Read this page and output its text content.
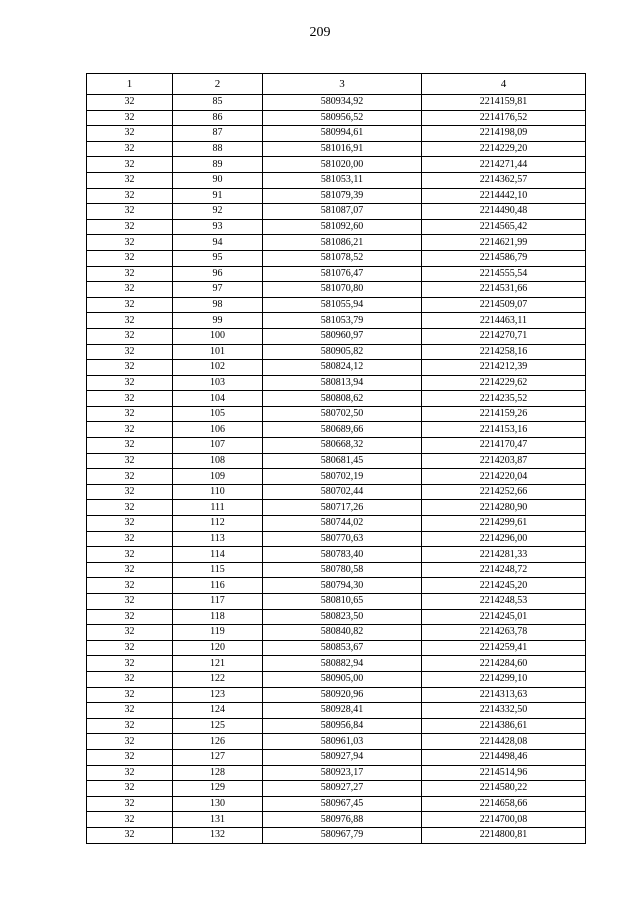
209
1	2	3	4
32	85	580934,92	2214159,81
32	86	580956,52	2214176,52
32	87	580994,61	2214198,09
32	88	581016,91	2214229,20
32	89	581020,00	2214271,44
32	90	581053,11	2214362,57
32	91	581079,39	2214442,10
32	92	581087,07	2214490,48
32	93	581092,60	2214565,42
32	94	581086,21	2214621,99
32	95	581078,52	2214586,79
32	96	581076,47	2214555,54
32	97	581070,80	2214531,66
32	98	581055,94	2214509,07
32	99	581053,79	2214463,11
32	100	580960,97	2214270,71
32	101	580905,82	2214258,16
32	102	580824,12	2214212,39
32	103	580813,94	2214229,62
32	104	580808,62	2214235,52
32	105	580702,50	2214159,26
32	106	580689,66	2214153,16
32	107	580668,32	2214170,47
32	108	580681,45	2214203,87
32	109	580702,19	2214220,04
32	110	580702,44	2214252,66
32	111	580717,26	2214280,90
32	112	580744,02	2214299,61
32	113	580770,63	2214296,00
32	114	580783,40	2214281,33
32	115	580780,58	2214248,72
32	116	580794,30	2214245,20
32	117	580810,65	2214248,53
32	118	580823,50	2214245,01
32	119	580840,82	2214263,78
32	120	580853,67	2214259,41
32	121	580882,94	2214284,60
32	122	580905,00	2214299,10
32	123	580920,96	2214313,63
32	124	580928,41	2214332,50
32	125	580956,84	2214386,61
32	126	580961,03	2214428,08
32	127	580927,94	2214498,46
32	128	580923,17	2214514,96
32	129	580927,27	2214580,22
32	130	580967,45	2214658,66
32	131	580976,88	2214700,08
32	132	580967,79	2214800,81
